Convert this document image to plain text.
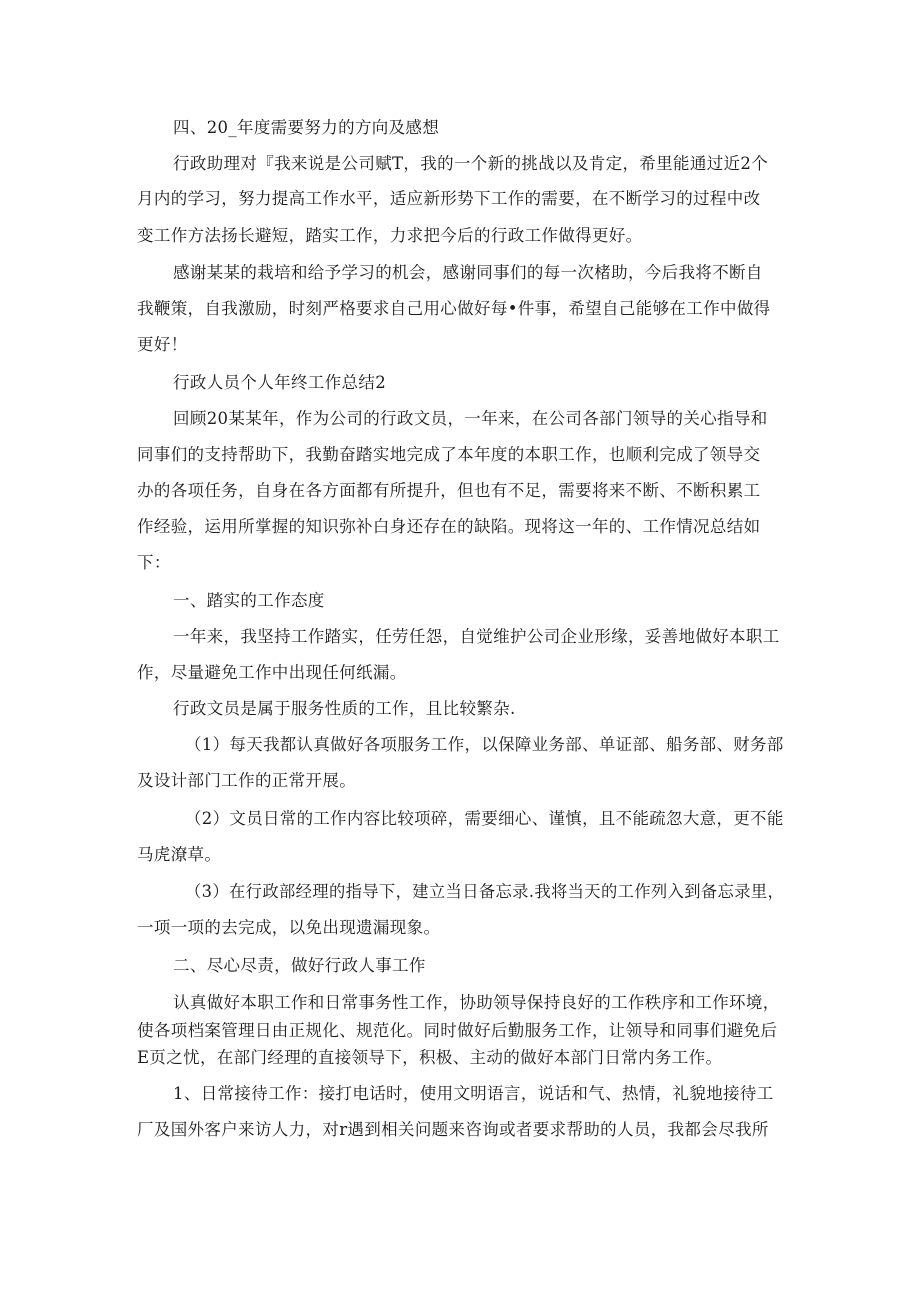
四、20_年度需要努力的方向及感想
行政助理对『我来说是公司赋T，我的一个新的挑战以及肯定，希里能通过近2个
月内的学习，努力提高工作水平，适应新形势下工作的需要，在不断学习的过程中改
变工作方法扬长避短，踏实工作，力求把今后的行政工作做得更好。
感谢某某的栽培和给予学习的机会，感谢同事们的每一次楮助，今后我将不断自
我鞭策，自我激励，时刻严格要求自己用心做好每•件事，希望自己能够在工作中做得
更好！
行政人员个人年终工作总结2
回顾20某某年，作为公司的行政文员，一年来，在公司各部门领导的关心指导和
同事们的支持帮助下，我勤奋踏实地完成了本年度的本职工作，也顺利完成了领导交
办的各项任务，自身在各方面都有所提升，但也有不足，需要将来不断、不断积累工
作经验，运用所掌握的知识弥补白身还存在的缺陷。现将这一年的、工作情况总结如
下：
一、踏实的工作态度
一年来，我坚持工作踏实，任劳任怨，自觉维护公司企业形缘，妥善地做好本职工
作，尽量避免工作中出现任何纸漏。
行政文员是属于服务性质的工作，且比较繁杂.
（1）每天我都认真做好各项服务工作，以保障业务部、单证部、船务部、财务部
及设计部门工作的正常开展。
（2）文员日常的工作内容比较项碎，需要细心、谨慎，且不能疏忽大意，更不能
马虎潦草。
（3）在行政部经理的指导下，建立当日备忘录.我将当天的工作列入到备忘录里，
一项一项的去完成，以免出现遗漏现象。
二、尽心尽责，做好行政人事工作
认真做好本职工作和日常事务性工作，协助领导保持良好的工作秩序和工作环境，
使各项档案管理日由正规化、规范化。同时做好后勤服务工作，让领导和同事们避免后
E页之忧，在部门经理的直接领导下，积极、主动的做好本部门日常内务工作。
1、日常接待工作：接打电话时，使用文明语言，说话和气、热情，礼貌地接待工
厂及国外客户来访人力，对r遇到相关问题来咨询或者要求帮助的人员，我都会尽我所
